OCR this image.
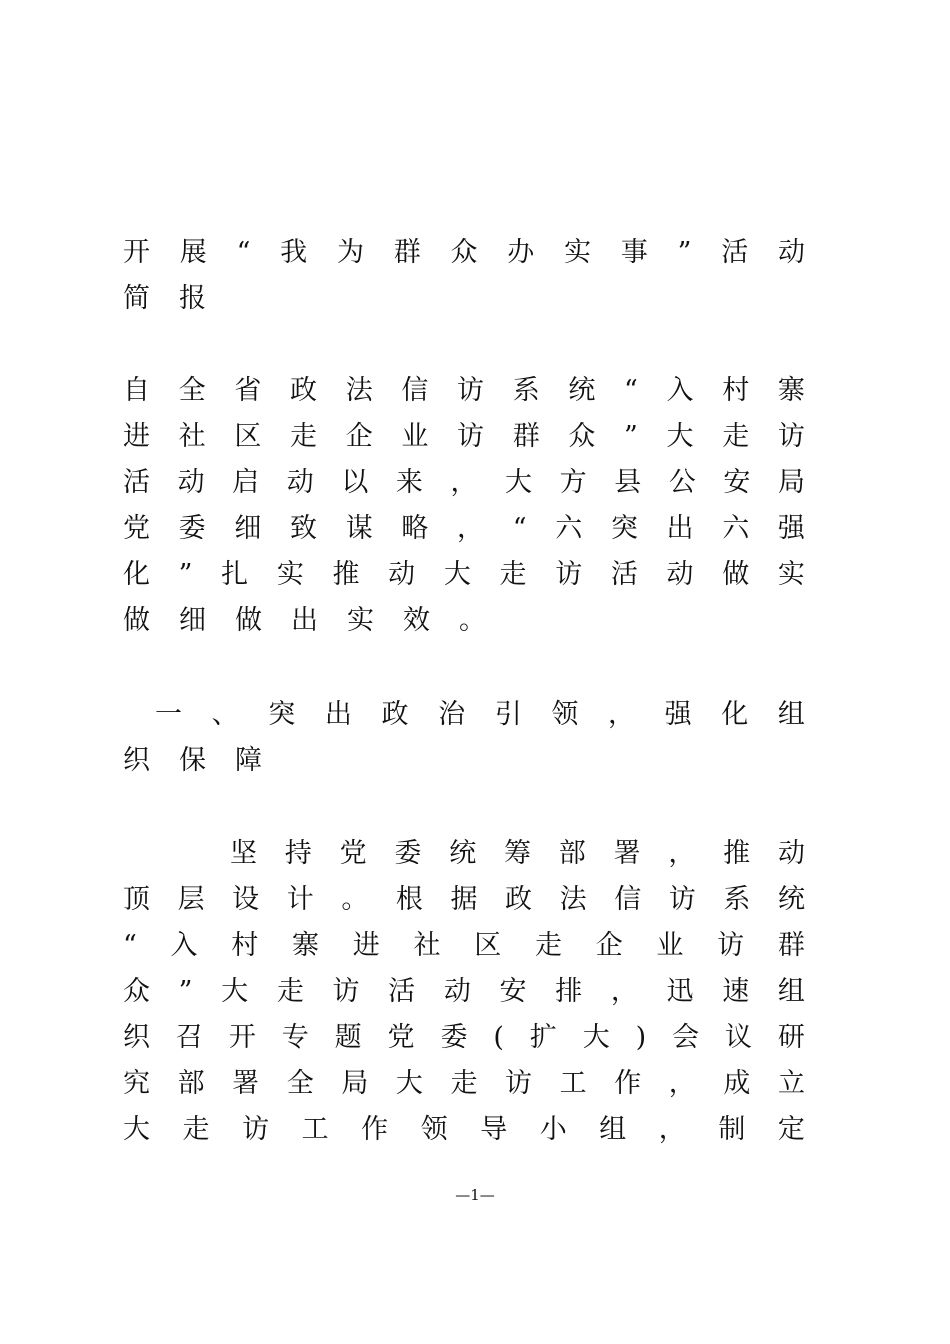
开 展 “ 我 为 群 众 办 实 事 ” 活 动
简 报
自 全 省 政 法 信 访 系 统 “ 入 村 寨
进 社 区 走 企 业 访 群 众 ” 大 走 访
活 动 启 动 以 来 ， 大 方 县 公 安 局
党 委 细 致 谋 略 ， “ 六 突 出 六 强
化 ” 扎 实 推 动 大 走 访 活 动 做 实
做 细 做 出 实 效 。
一 、 突 出 政 治 引 领 ， 强 化 组
织 保 障
坚 持 党 委 统 筹 部 署 ， 推 动
顶 层 设 计 。 根 据 政 法 信 访 系 统
“ 入 村 寨 进 社 区 走 企 业 访 群
众 ” 大 走 访 活 动 安 排 ， 迅 速 组
织 召 开 专 题 党 委 ( 扩 大 ) 会 议 研
究 部 署 全 局 大 走 访 工 作 ， 成 立
大 走 访 工 作 领 导 小 组 ， 制 定
—1—
